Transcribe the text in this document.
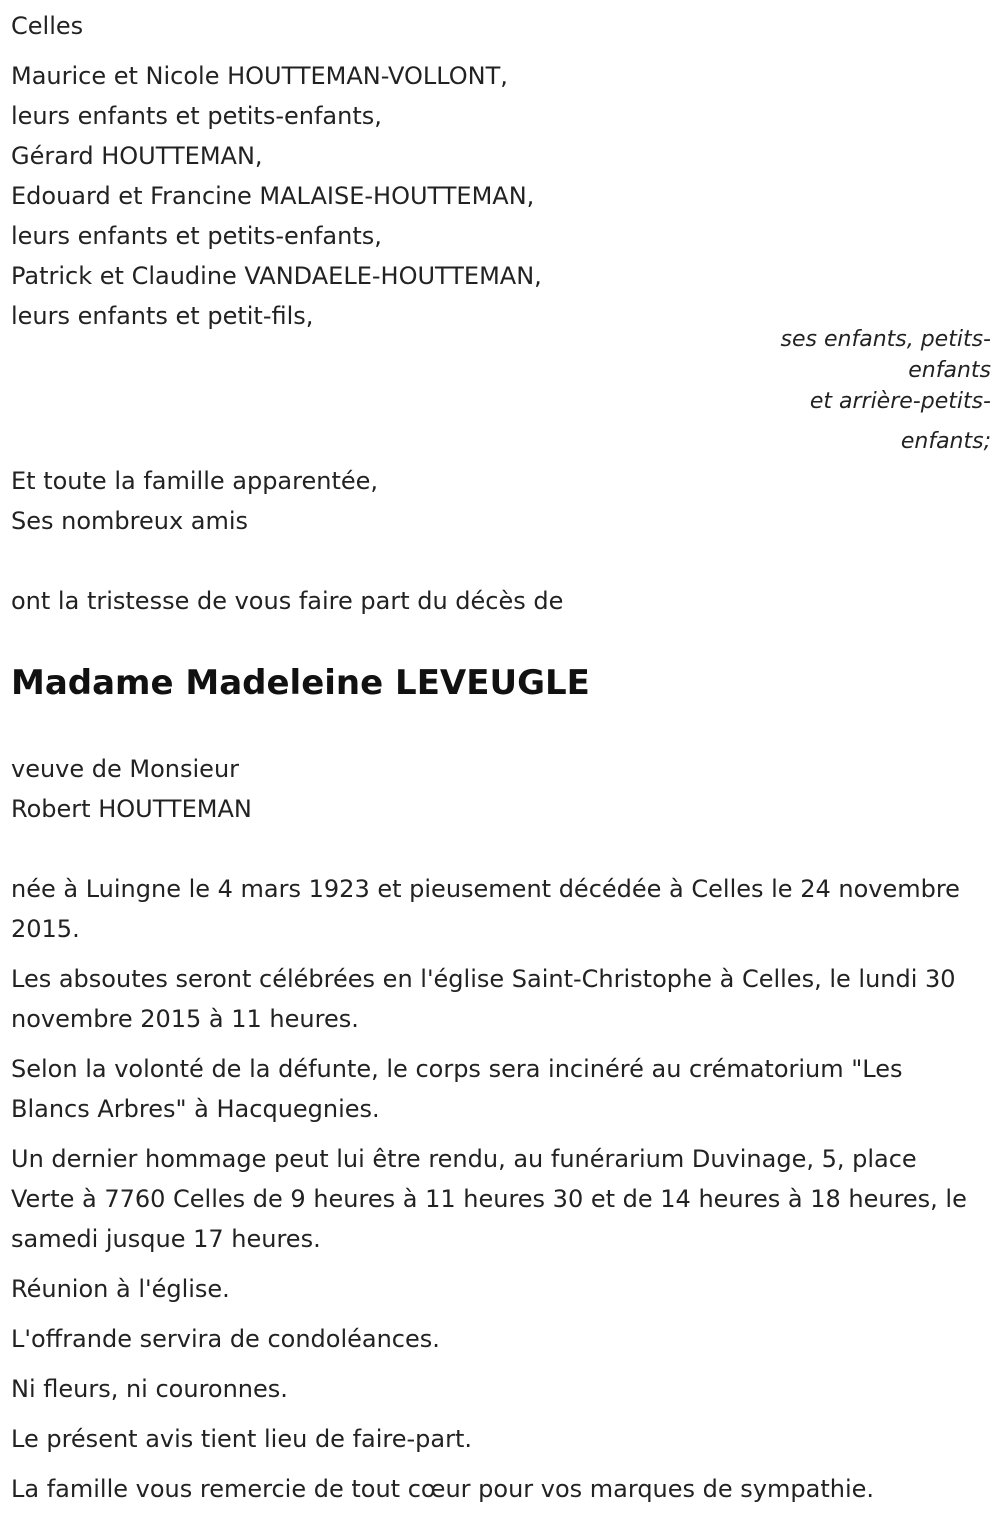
Celles
Maurice et Nicole HOUTTEMAN-VOLLONT,
leurs enfants et petits-enfants,
Gérard HOUTTEMAN,
Edouard et Francine MALAISE-HOUTTEMAN,
leurs enfants et petits-enfants,
Patrick et Claudine VANDAELE-HOUTTEMAN,
leurs enfants et petit-fils,
ses enfants, petits-
enfants
et arrière-petits-
enfants;
Et toute la famille apparentée,
Ses nombreux amis
ont la tristesse de vous faire part du décès de
Madame Madeleine LEVEUGLE
veuve de Monsieur
Robert HOUTTEMAN
née à Luingne le 4 mars 1923 et pieusement décédée à Celles le 24 novembre 2015.
Les absoutes seront célébrées en l'église Saint-Christophe à Celles, le lundi 30 novembre 2015 à 11 heures.
Selon la volonté de la défunte, le corps sera incinéré au crématorium "Les Blancs Arbres" à Hacquegnies.
Un dernier hommage peut lui être rendu, au funérarium Duvinage, 5, place Verte à 7760 Celles de 9 heures à 11 heures 30 et de 14 heures à 18 heures, le samedi jusque 17 heures.
Réunion à l'église.
L'offrande servira de condoléances.
Ni fleurs, ni couronnes.
Le présent avis tient lieu de faire-part.
La famille vous remercie de tout cœur pour vos marques de sympathie.
